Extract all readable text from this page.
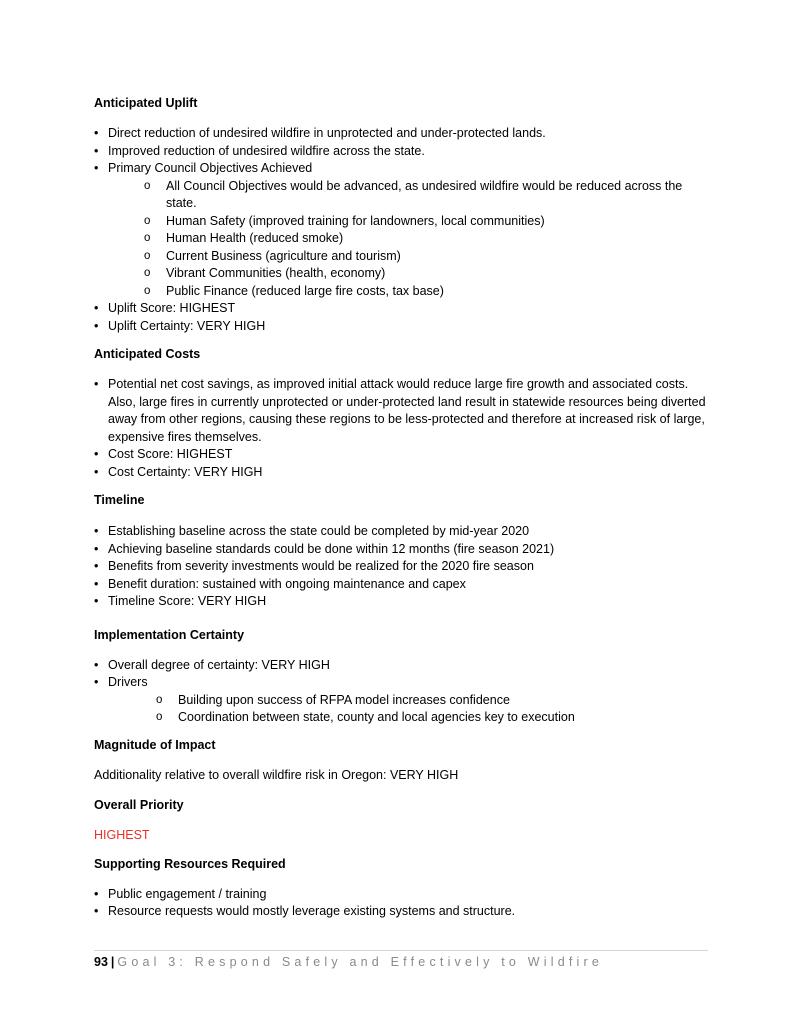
Anticipated Uplift

• Direct reduction of undesired wildfire in unprotected and under-protected lands.
• Improved reduction of undesired wildfire across the state.
• Primary Council Objectives Achieved
o All Council Objectives would be advanced, as undesired wildfire would be reduced across the state.
o Human Safety (improved training for landowners, local communities)
o Human Health (reduced smoke)
o Current Business (agriculture and tourism)
o Vibrant Communities (health, economy)
o Public Finance (reduced large fire costs, tax base)
• Uplift Score: HIGHEST
• Uplift Certainty: VERY HIGH

Anticipated Costs

• Potential net cost savings, as improved initial attack would reduce large fire growth and associated costs. Also, large fires in currently unprotected or under-protected land result in statewide resources being diverted away from other regions, causing these regions to be less-protected and therefore at increased risk of large, expensive fires themselves.
• Cost Score: HIGHEST
• Cost Certainty: VERY HIGH

Timeline

• Establishing baseline across the state could be completed by mid-year 2020
• Achieving baseline standards could be done within 12 months (fire season 2021)
• Benefits from severity investments would be realized for the 2020 fire season
• Benefit duration: sustained with ongoing maintenance and capex
• Timeline Score: VERY HIGH

Implementation Certainty

• Overall degree of certainty: VERY HIGH
• Drivers
o Building upon success of RFPA model increases confidence
o Coordination between state, county and local agencies key to execution

Magnitude of Impact

Additionality relative to overall wildfire risk in Oregon: VERY HIGH

Overall Priority

HIGHEST

Supporting Resources Required

• Public engagement / training
• Resource requests would mostly leverage existing systems and structure.
93 | Goal 3: Respond Safely and Effectively to Wildfire
